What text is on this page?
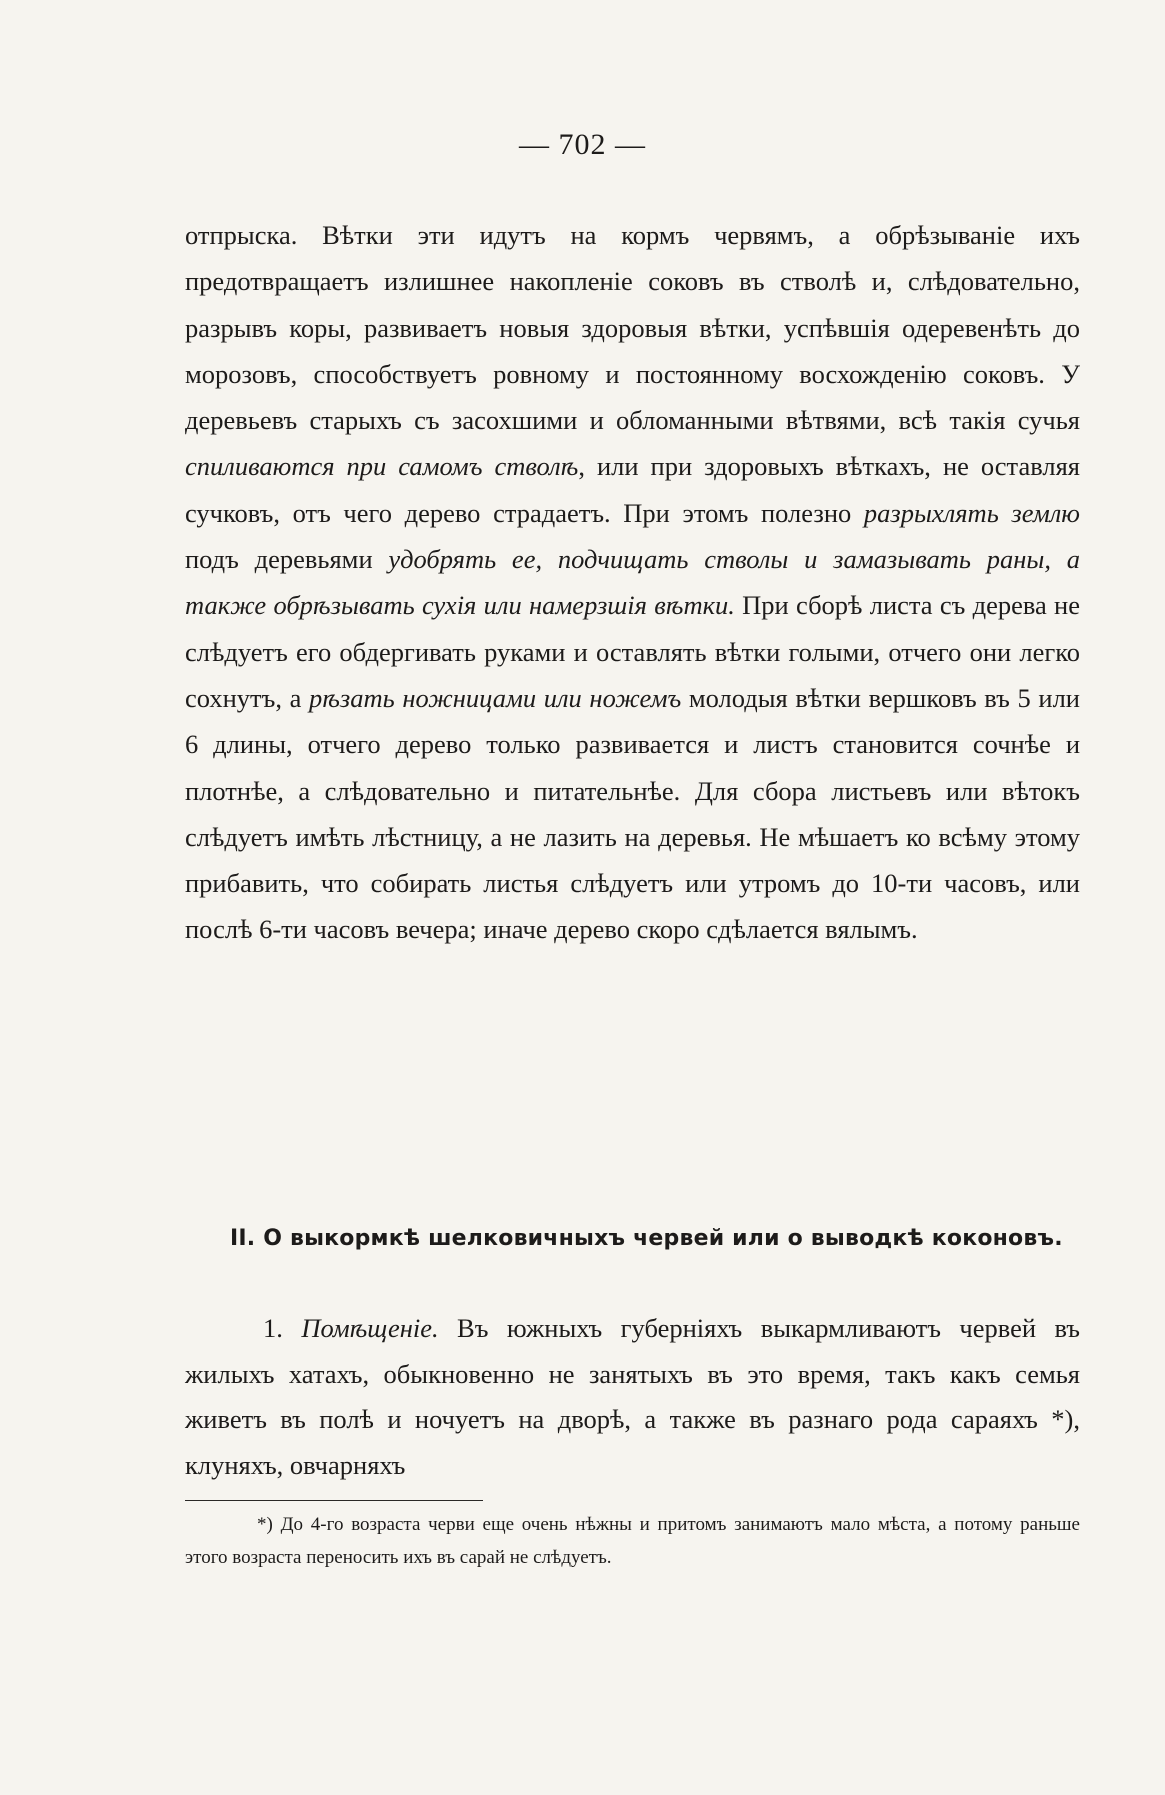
— 702 —

отпрыска. Вѣтки эти идутъ на кормъ червямъ, а обрѣзываніе ихъ предотвращаетъ излишнее накопленіе соковъ въ стволѣ и, слѣдовательно, разрывъ коры, развиваетъ новыя здоровыя вѣтки, успѣвшія одеревенѣть до морозовъ, способствуетъ ровному и постоянному восхожденію соковъ. У деревьевъ старыхъ съ засохшими и обломанными вѣтвями, всѣ такія сучья спиливаются при самомъ стволѣ, или при здоровыхъ вѣткахъ, не оставляя сучковъ, отъ чего дерево страдаетъ. При этомъ полезно разрыхлять землю подъ деревьями удобрять ее, подчищать стволы и замазывать раны, а также обрѣзывать сухія или намерзшія вѣтки. При сборѣ листа съ дерева не слѣдуетъ его обдергивать руками и оставлять вѣтки голыми, отчего они легко сохнутъ, а рѣзать ножницами или ножемъ молодыя вѣтки вершковъ въ 5 или 6 длины, отчего дерево только развивается и листъ становится сочнѣе и плотнѣе, а слѣдовательно и питательнѣе. Для сбора листьевъ или вѣтокъ слѣдуетъ имѣть лѣстницу, а не лазить на деревья. Не мѣшаетъ ко всѣму этому прибавить, что собирать листья слѣдуетъ или утромъ до 10-ти часовъ, или послѣ 6-ти часовъ вечера; иначе дерево скоро сдѣлается вялымъ.

II. О выкормкѣ шелковичныхъ червей или о выводкѣ коконовъ.

1. Помѣщеніе. Въ южныхъ губерніяхъ выкармливаютъ червей въ жилыхъ хатахъ, обыкновенно не занятыхъ въ это время, такъ какъ семья живетъ въ полѣ и ночуетъ на дворѣ, а также въ разнаго рода сараяхъ *), клуняхъ, овчарняхъ

*) До 4-го возраста черви еще очень нѣжны и притомъ занимаютъ мало мѣста, а потому раньше этого возраста переносить ихъ въ сарай не слѣдуетъ.
